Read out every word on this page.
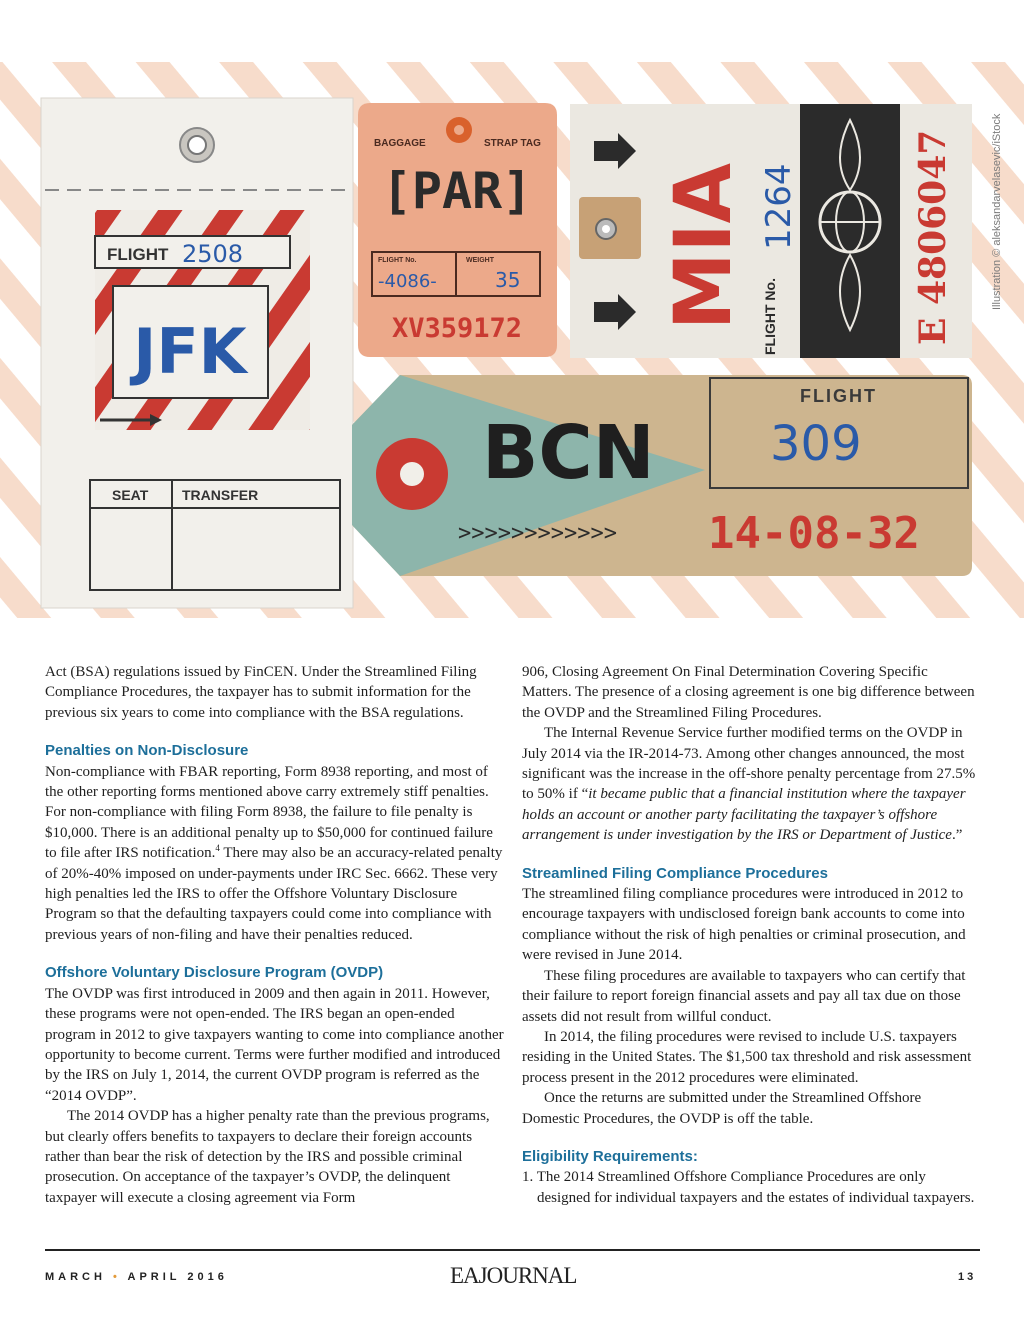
FLIGHT 2508
JFK
SEAT TRANSFER
BAGGAGE	STRAP TAG
[PAR]
FLIGHT No.	WEIGHT
-4086-	35
XV359172 MIA FLIGHT No.
1264	E 4806047
BCN
FLIGHT
309
>>>>>>>>>>>> 14-08-32
Illustration © aleksandarvelasevic/iStock

Act (BSA) regulations issued by FinCEN. Under the Streamlined Filing Compliance Procedures, the taxpayer has to submit information for the previous six years to come into compliance with the BSA regulations.

Penalties on Non-Disclosure

Non-compliance with FBAR reporting, Form 8938 reporting, and most of the other reporting forms mentioned above carry extremely stiff penalties. For non-compliance with filing Form 8938, the failure to file penalty is $10,000. There is an additional penalty up to $50,000 for continued failure to file after IRS notification.$^4$ There may also be an accuracy-related penalty of 20%-40% imposed on under-payments under IRC Sec. 6662. These very high penalties led the IRS to offer the Offshore Voluntary Disclosure Program so that the defaulting taxpayers could come into compliance with previous years of non-filing and have their penalties reduced.

Offshore Voluntary Disclosure Program (OVDP)

The OVDP was first introduced in 2009 and then again in 2011. However, these programs were not open-ended. The IRS began an open-ended program in 2012 to give taxpayers wanting to come into compliance another opportunity to become current. Terms were further modified and introduced by the IRS on July 1, 2014, the current OVDP program is referred as the “2014 OVDP”.

The 2014 OVDP has a higher penalty rate than the previous programs, but clearly offers benefits to taxpayers to declare their foreign accounts rather than bear the risk of detection by the IRS and possible criminal prosecution. On acceptance of the taxpayer’s OVDP, the delinquent taxpayer will execute a closing agreement via Form

906, Closing Agreement On Final Determination Covering Specific Matters. The presence of a closing agreement is one big difference between the OVDP and the Streamlined Filing Procedures.

The Internal Revenue Service further modified terms on the OVDP in July 2014 via the IR-2014-73. Among other changes announced, the most significant was the increase in the off-shore penalty percentage from 27.5% to 50% if “it became public that a financial institution where the taxpayer holds an account or another party facilitating the taxpayer’s offshore arrangement is under investigation by the IRS or Department of Justice.”

Streamlined Filing Compliance Procedures

The streamlined filing compliance procedures were introduced in 2012 to encourage taxpayers with undisclosed foreign bank accounts to come into compliance without the risk of high penalties or criminal prosecution, and were revised in June 2014.

These filing procedures are available to taxpayers who can certify that their failure to report foreign financial assets and pay all tax due on those assets did not result from willful conduct.

In 2014, the filing procedures were revised to include U.S. taxpayers residing in the United States. The $1,500 tax threshold and risk assessment process present in the 2012 procedures were eliminated.

Once the returns are submitted under the Streamlined Offshore Domestic Procedures, the OVDP is off the table.

Eligibility Requirements:

1. The 2014 Streamlined Offshore Compliance Procedures are only designed for individual taxpayers and the estates of individual taxpayers.

MARCH • APRIL 2016	EAJOURNAL	13
